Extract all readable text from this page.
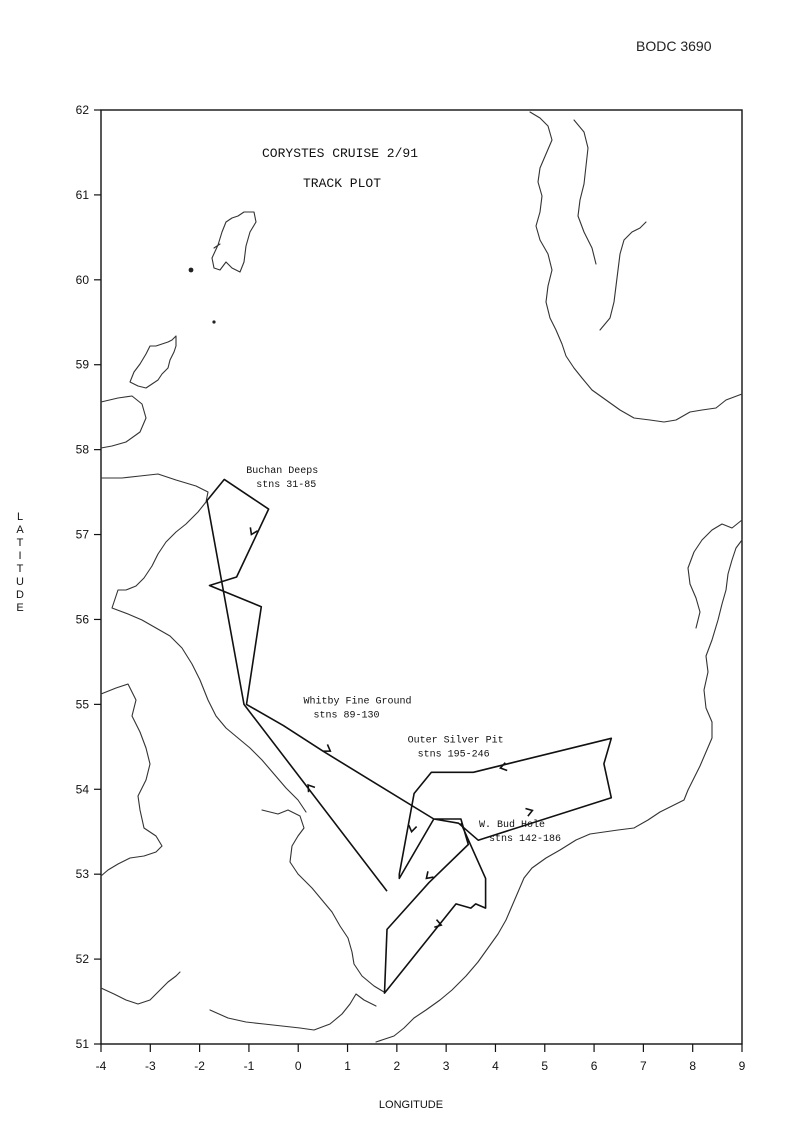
BODC 3690
CORYSTES CRUISE 2/91
TRACK PLOT
Buchan Deeps
stns 31-85
Whitby Fine Ground
stns 89-130
Outer Silver Pit
stns 195-246
W. Bud Hole
stns 142-186
-4	-3	-2	-1	0	1	2	3	4	5	6	7	8	9
51
52
53
54
55
56
57
58
59
60
61
62
LONGITUDE
L
A
T
I
T
U
D
E
